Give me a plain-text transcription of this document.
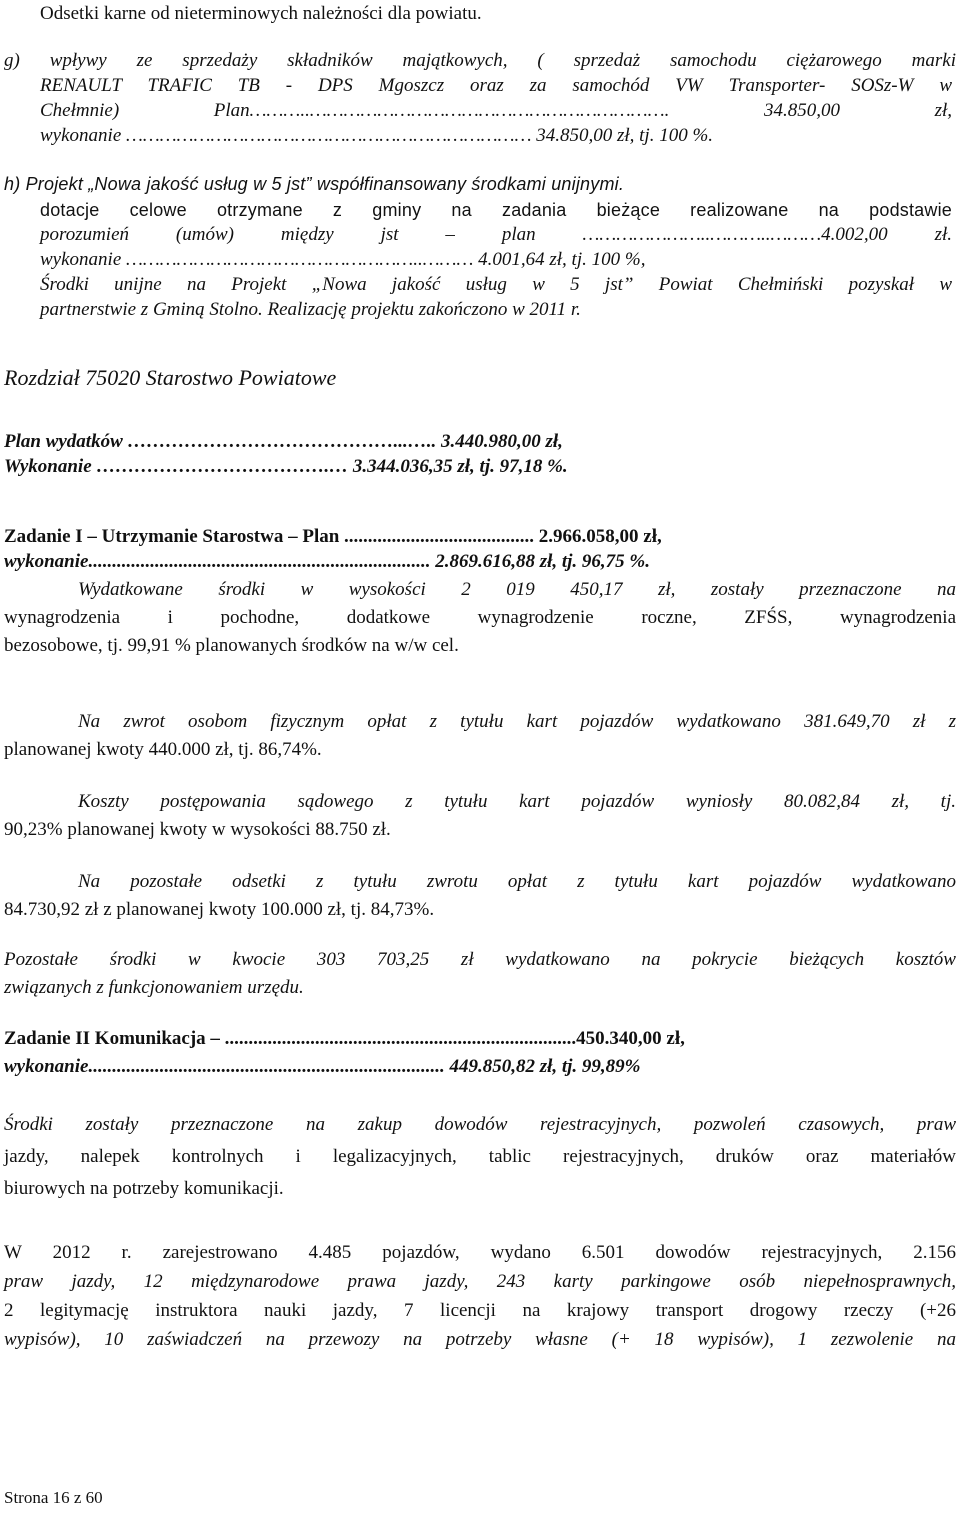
Odsetki karne od nieterminowych należności dla powiatu.
g) wpływy ze sprzedaży składników majątkowych, ( sprzedaż samochodu ciężarowego marki
RENAULT TRAFIC TB - DPS Mgoszcz oraz za samochód VW Transporter- SOSz-W w
Chełmnie) Plan………..………………………………………………………. 34.850,00 zł,
wykonanie ……………………………………………………………… 34.850,00 zł, tj. 100 %.
h) Projekt „Nowa jakość usług w 5 jst” współfinansowany środkami unijnymi.
dotacje celowe otrzymane z gminy na zadania bieżące realizowane na podstawie
porozumień (umów) między jst – plan …………………..………..………4.002,00 zł.
wykonanie ……………………………………………..……… 4.001,64 zł, tj. 100 %,
Środki unijne na Projekt „Nowa jakość usług w 5 jst” Powiat Chełmiński pozyskał w
partnerstwie z Gminą Stolno. Realizację projektu zakończono w 2011 r.
Rozdział 75020 Starostwo Powiatowe
Plan wydatków ……………………………………...….. 3.440.980,00 zł,
Wykonanie ……………………………….… 3.344.036,35 zł, tj. 97,18 %.
Zadanie I – Utrzymanie Starostwa – Plan ........................................ 2.966.058,00 zł,
wykonanie........................................................................ 2.869.616,88 zł, tj. 96,75 %.
Wydatkowane środki w wysokości 2 019 450,17 zł, zostały przeznaczone na
wynagrodzenia i pochodne, dodatkowe wynagrodzenie roczne, ZFŚS, wynagrodzenia
bezosobowe, tj. 99,91 % planowanych środków na w/w cel.
Na zwrot osobom fizycznym opłat z tytułu kart pojazdów wydatkowano 381.649,70 zł z
planowanej kwoty 440.000 zł, tj. 86,74%.
Koszty postępowania sądowego z tytułu kart pojazdów wyniosły 80.082,84 zł, tj.
90,23% planowanej kwoty w wysokości 88.750 zł.
Na pozostałe odsetki z tytułu zwrotu opłat z tytułu kart pojazdów wydatkowano
84.730,92 zł z planowanej kwoty 100.000 zł, tj. 84,73%.
Pozostałe środki w kwocie 303 703,25 zł wydatkowano na pokrycie bieżących kosztów
związanych z funkcjonowaniem urzędu.
Zadanie II Komunikacja – ..........................................................................450.340,00 zł,
wykonanie........................................................................... 449.850,82 zł, tj. 99,89%
Środki zostały przeznaczone na zakup dowodów rejestracyjnych, pozwoleń czasowych, praw
jazdy, nalepek kontrolnych i legalizacyjnych, tablic rejestracyjnych, druków oraz materiałów
biurowych na potrzeby komunikacji.
W 2012 r. zarejestrowano 4.485 pojazdów, wydano 6.501 dowodów rejestracyjnych, 2.156
praw jazdy, 12 międzynarodowe prawa jazdy, 243 karty parkingowe osób niepełnosprawnych,
2 legitymację instruktora nauki jazdy, 7 licencji na krajowy transport drogowy rzeczy (+26
wypisów), 10 zaświadczeń na przewozy na potrzeby własne (+ 18 wypisów), 1 zezwolenie na
Strona 16 z 60
